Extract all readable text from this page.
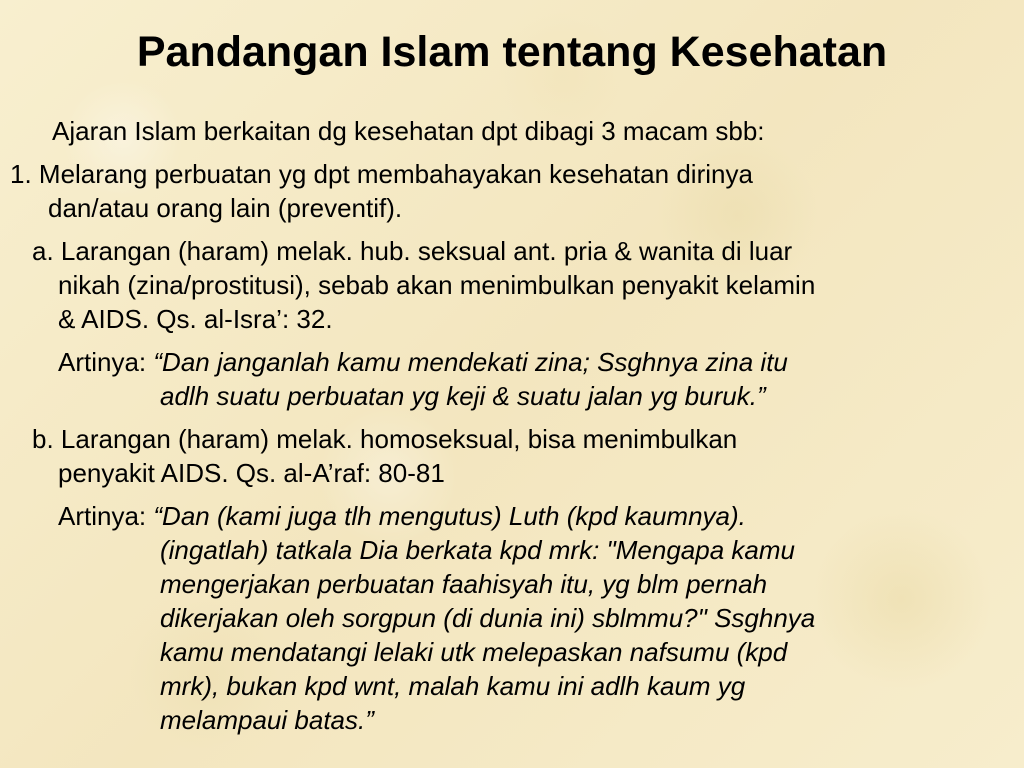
Pandangan Islam tentang Kesehatan
Ajaran Islam berkaitan dg kesehatan dpt dibagi 3 macam sbb:
1. Melarang perbuatan yg dpt membahayakan kesehatan dirinya
dan/atau orang lain (preventif).
a. Larangan (haram) melak. hub. seksual ant. pria & wanita di luar
nikah (zina/prostitusi), sebab akan menimbulkan penyakit kelamin
& AIDS. Qs. al-Isra’: 32.
Artinya: “Dan janganlah kamu mendekati zina; Ssghnya zina itu
adlh suatu perbuatan yg keji & suatu jalan yg buruk.”
b. Larangan (haram) melak. homoseksual, bisa menimbulkan
penyakit AIDS. Qs. al-A’raf: 80-81
Artinya: “Dan (kami juga tlh mengutus) Luth (kpd kaumnya).
(ingatlah) tatkala Dia berkata kpd mrk: "Mengapa kamu
mengerjakan perbuatan faahisyah itu, yg blm pernah
dikerjakan oleh sorgpun (di dunia ini) sblmmu?" Ssghnya
kamu mendatangi lelaki utk melepaskan nafsumu (kpd
mrk), bukan kpd wnt, malah kamu ini adlh kaum yg
melampaui batas.”
